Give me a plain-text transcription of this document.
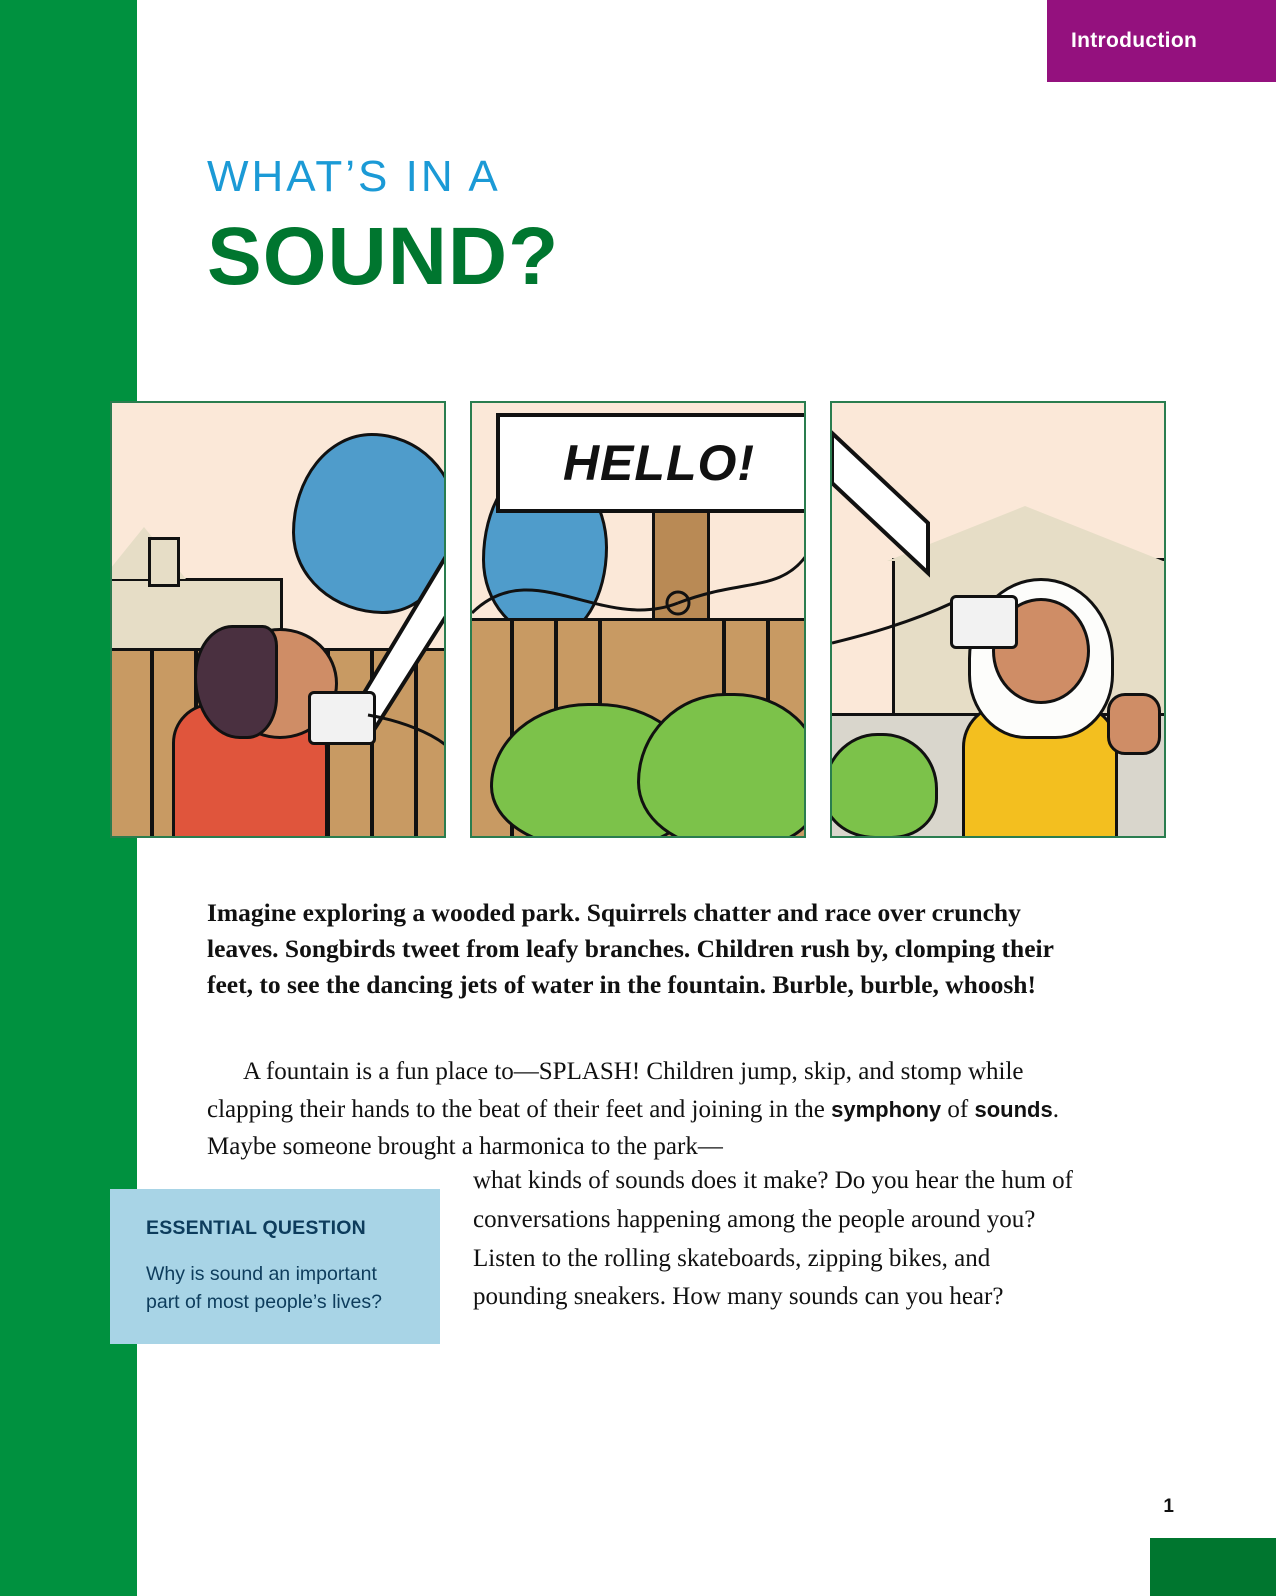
Introduction
WHAT’S IN A
SOUND?
HELLO!
Imagine exploring a wooded park. Squirrels chatter and race over crunchy leaves. Songbirds tweet from leafy branches. Children rush by, clomping their feet, to see the dancing jets of water in the fountain. Burble, burble, whoosh!
A fountain is a fun place to—SPLASH! Children jump, skip, and stomp while clapping their hands to the beat of their feet and joining in the symphony of sounds. Maybe someone brought a harmonica to the park—
what kinds of sounds does it make? Do you hear the hum of conversations happening among the people around you? Listen to the rolling skateboards, zipping bikes, and pounding sneakers. How many sounds can you hear?
ESSENTIAL QUESTION
Why is sound an important part of most people’s lives?
1
